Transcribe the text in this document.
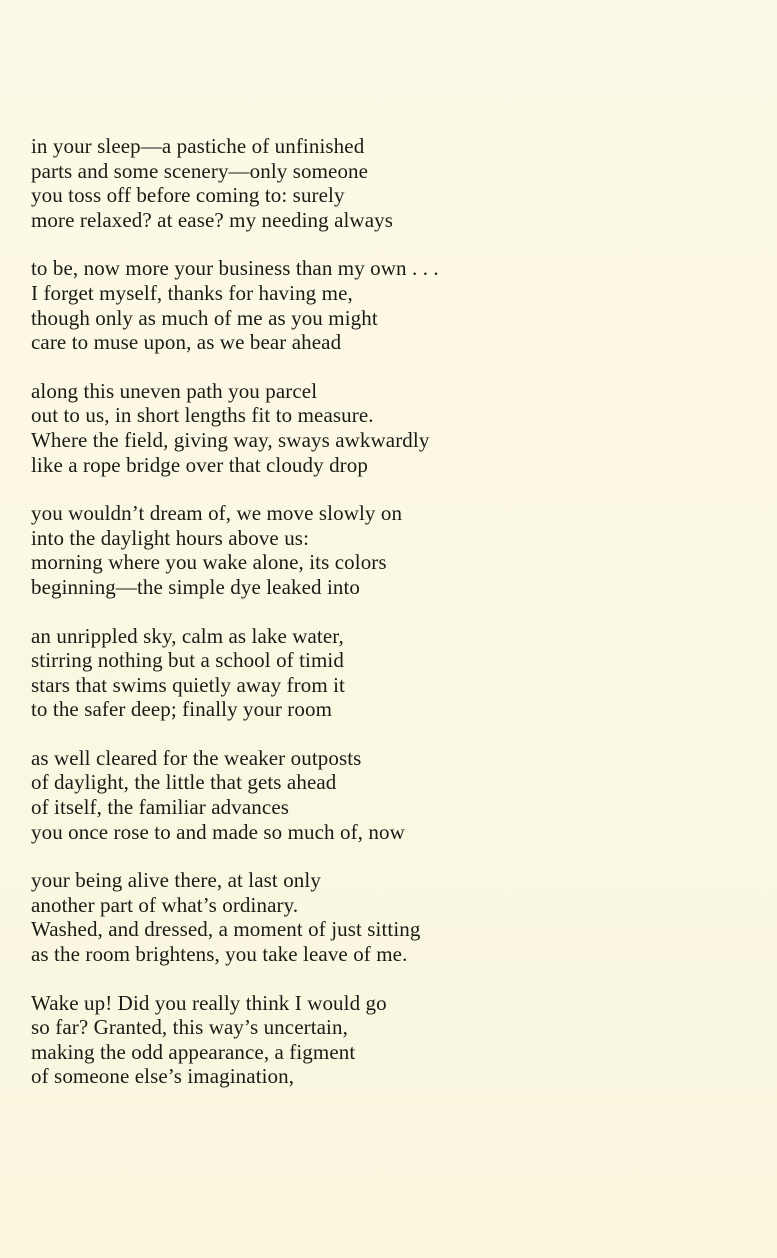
in your sleep—a pastiche of unfinished
parts and some scenery—only someone
you toss off before coming to: surely
more relaxed? at ease? my needing always
to be, now more your business than my own . . .
I forget myself, thanks for having me,
though only as much of me as you might
care to muse upon, as we bear ahead
along this uneven path you parcel
out to us, in short lengths fit to measure.
Where the field, giving way, sways awkwardly
like a rope bridge over that cloudy drop
you wouldn’t dream of, we move slowly on
into the daylight hours above us:
morning where you wake alone, its colors
beginning—the simple dye leaked into
an unrippled sky, calm as lake water,
stirring nothing but a school of timid
stars that swims quietly away from it
to the safer deep; finally your room
as well cleared for the weaker outposts
of daylight, the little that gets ahead
of itself, the familiar advances
you once rose to and made so much of, now
your being alive there, at last only
another part of what’s ordinary.
Washed, and dressed, a moment of just sitting
as the room brightens, you take leave of me.
Wake up! Did you really think I would go
so far? Granted, this way’s uncertain,
making the odd appearance, a figment
of someone else’s imagination,
